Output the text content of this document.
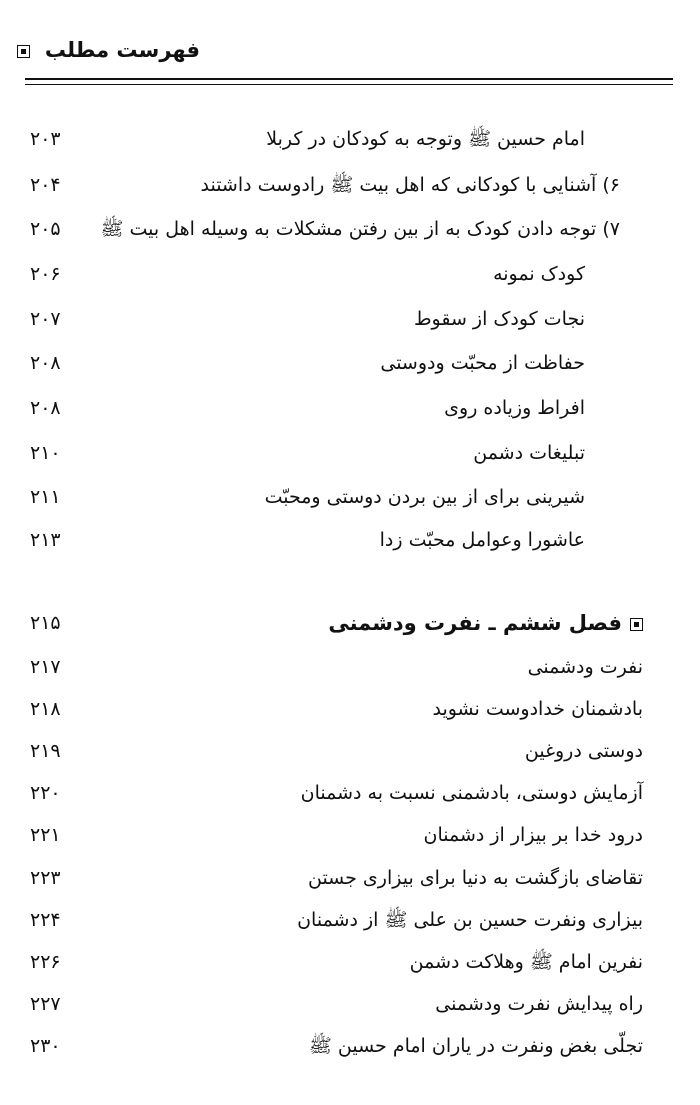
فهرست مطلب
امام حسین ﷺ وتوجه به کودکان در کربلا
۲۰۳
۶) آشنایی با کودکانی که اهل بیت ﷺ رادوست داشتند
۲۰۴
۷) توجه دادن کودک به از بین رفتن مشکلات به وسیله اهل بیت ﷺ
۲۰۵
کودک نمونه
۲۰۶
نجات کودک از سقوط
۲۰۷
حفاظت از محبّت ودوستی
۲۰۸
افراط وزیاده روی
۲۰۸
تبلیغات دشمن
۲۱۰
شیرینی برای از بین بردن دوستی ومحبّت
۲۱۱
عاشورا وعوامل محبّت زدا
۲۱۳
فصل ششم ـ نفرت ودشمنی
۲۱۵
نفرت ودشمنی
۲۱۷
بادشمنان خدادوست نشوید
۲۱۸
دوستی دروغین
۲۱۹
آزمایش دوستی، بادشمنی نسبت به دشمنان
۲۲۰
درود خدا بر بیزار از دشمنان
۲۲۱
تقاضای بازگشت به دنیا برای بیزاری جستن
۲۲۳
بیزاری ونفرت حسین بن علی ﷺ از دشمنان
۲۲۴
نفرین امام ﷺ وهلاکت دشمن
۲۲۶
راه پیدایش نفرت ودشمنی
۲۲۷
تجلّی بغض ونفرت در یاران امام حسین ﷺ
۲۳۰
